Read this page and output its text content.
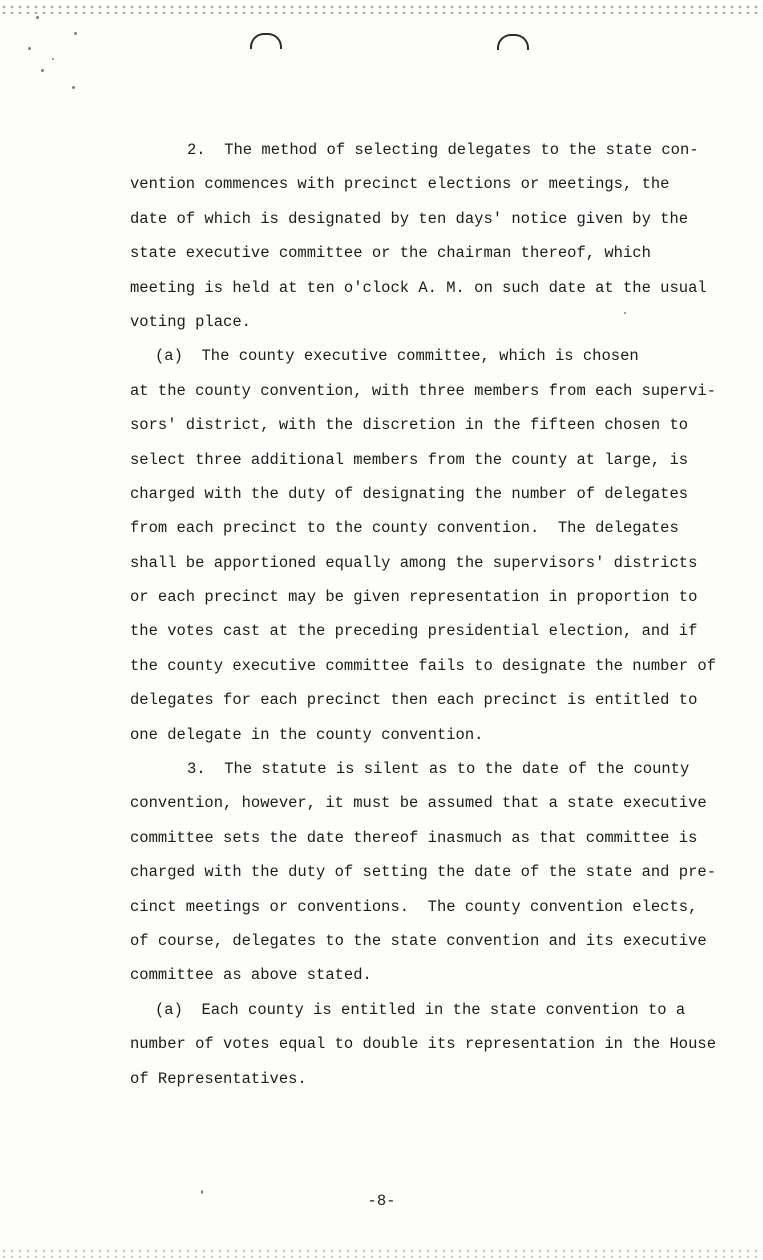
2.  The method of selecting delegates to the state con-
vention commences with precinct elections or meetings, the
date of which is designated by ten days' notice given by the
state executive committee or the chairman thereof, which
meeting is held at ten o'clock A. M. on such date at the usual
voting place.
(a)  The county executive committee, which is chosen
at the county convention, with three members from each supervi-
sors' district, with the discretion in the fifteen chosen to
select three additional members from the county at large, is
charged with the duty of designating the number of delegates
from each precinct to the county convention.  The delegates
shall be apportioned equally among the supervisors' districts
or each precinct may be given representation in proportion to
the votes cast at the preceding presidential election, and if
the county executive committee fails to designate the number of
delegates for each precinct then each precinct is entitled to
one delegate in the county convention.
3.  The statute is silent as to the date of the county
convention, however, it must be assumed that a state executive
committee sets the date thereof inasmuch as that committee is
charged with the duty of setting the date of the state and pre-
cinct meetings or conventions.  The county convention elects,
of course, delegates to the state convention and its executive
committee as above stated.
(a)  Each county is entitled in the state convention to a
number of votes equal to double its representation in the House
of Representatives.
-8-
